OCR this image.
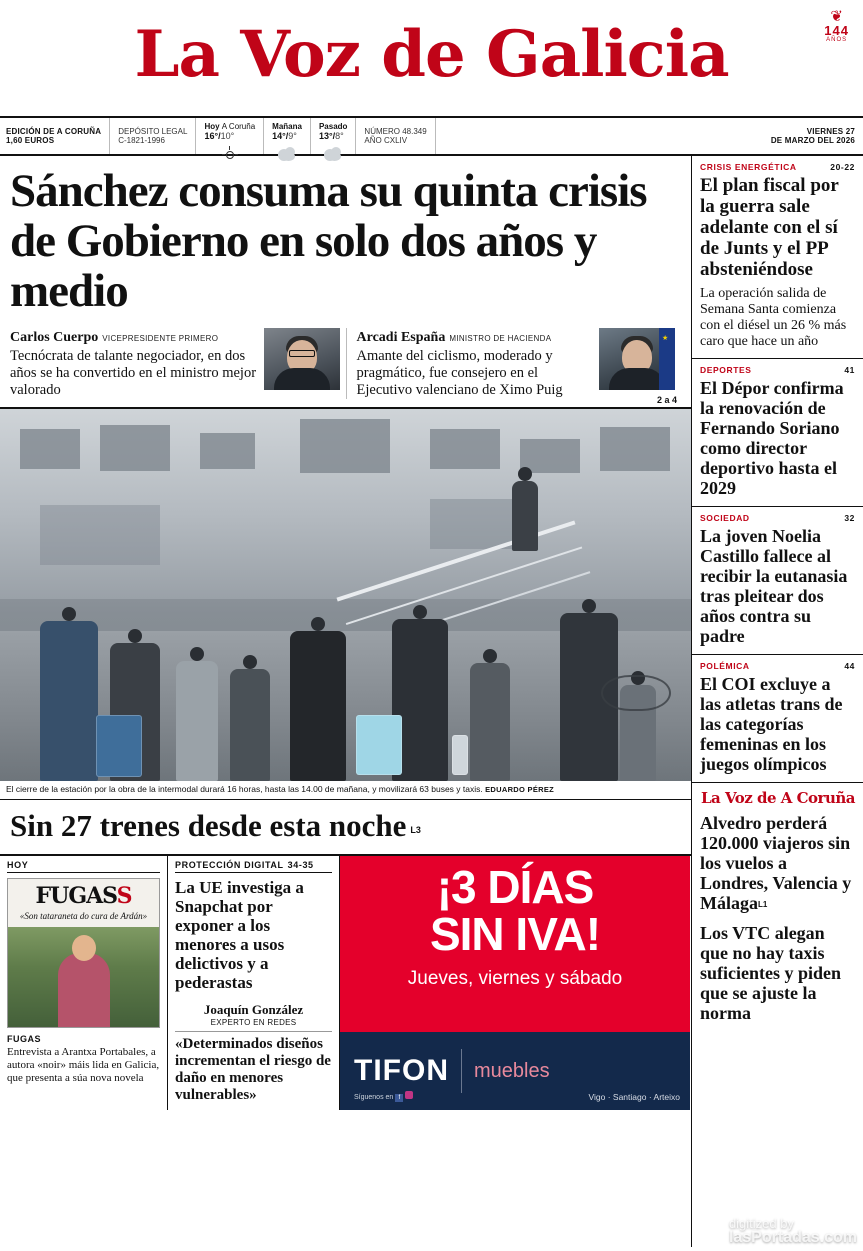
La Voz de Galicia
❦
144
AÑOS
EDICIÓN DE A CORUÑA
1,60 EUROS
DEPÓSITO LEGAL
C-1821-1996
Hoy A Coruña
16°/10°
Mañana
14°/9°
Pasado
13°/8°	NÚMERO 48.349
AÑO CXLIV
VIERNES 27
DE MARZO DEL 2026
Sánchez consuma su quinta crisis de Gobierno en solo dos años y medio
Carlos Cuerpo VICEPRESIDENTE PRIMERO
Tecnócrata de talante negociador, en dos años se ha convertido en el ministro mejor valorado
Arcadi España MINISTRO DE HACIENDA
Amante del ciclismo, moderado y pragmático, fue consejero en el Ejecutivo valenciano de Ximo Puig
★
2 a 4
El cierre de la estación por la obra de la intermodal durará 16 horas, hasta las 14.00 de mañana, y movilizará 63 buses y taxis. EDUARDO PÉREZ
Sin 27 trenes desde esta noche L3
HOY
FUGASS
«Son tataraneta do cura de Ardán»
FUGAS
Entrevista a Arantxa Portabales, a autora «noir» máis lida en Galicia, que presenta a súa nova novela
PROTECCIÓN DIGITAL 34-35
La UE investiga a Snapchat por exponer a los menores a usos delictivos y a pederastas
Joaquín González
EXPERTO EN REDES
«Determinados diseños incrementan el riesgo de daño en menores vulnerables»
¡3 DÍAS
SIN IVA!
Jueves, viernes y sábado
TIFON muebles
Vigo · Santiago · Arteixo
Síguenos en f
CRISIS ENERGÉTICA	20-22
El plan fiscal por la guerra sale adelante con el sí de Junts y el PP absteniéndose
La operación salida de Semana Santa comienza con el diésel un 26 % más caro que hace un año
DEPORTES	41
El Dépor confirma la renovación de Fernando Soriano como director deportivo hasta el 2029
SOCIEDAD	32
La joven Noelia Castillo fallece al recibir la eutanasia tras pleitear dos años contra su padre
POLÉMICA	44
El COI excluye a las atletas trans de las categorías femeninas en los juegos olímpicos
La Voz de A Coruña
Alvedro perderá 120.000 viajeros sin los vuelos a Londres, Valencia y MálagaL1
Los VTC alegan que no hay taxis suficientes y piden que se ajuste la norma
digitized by
lasPortadas.com
